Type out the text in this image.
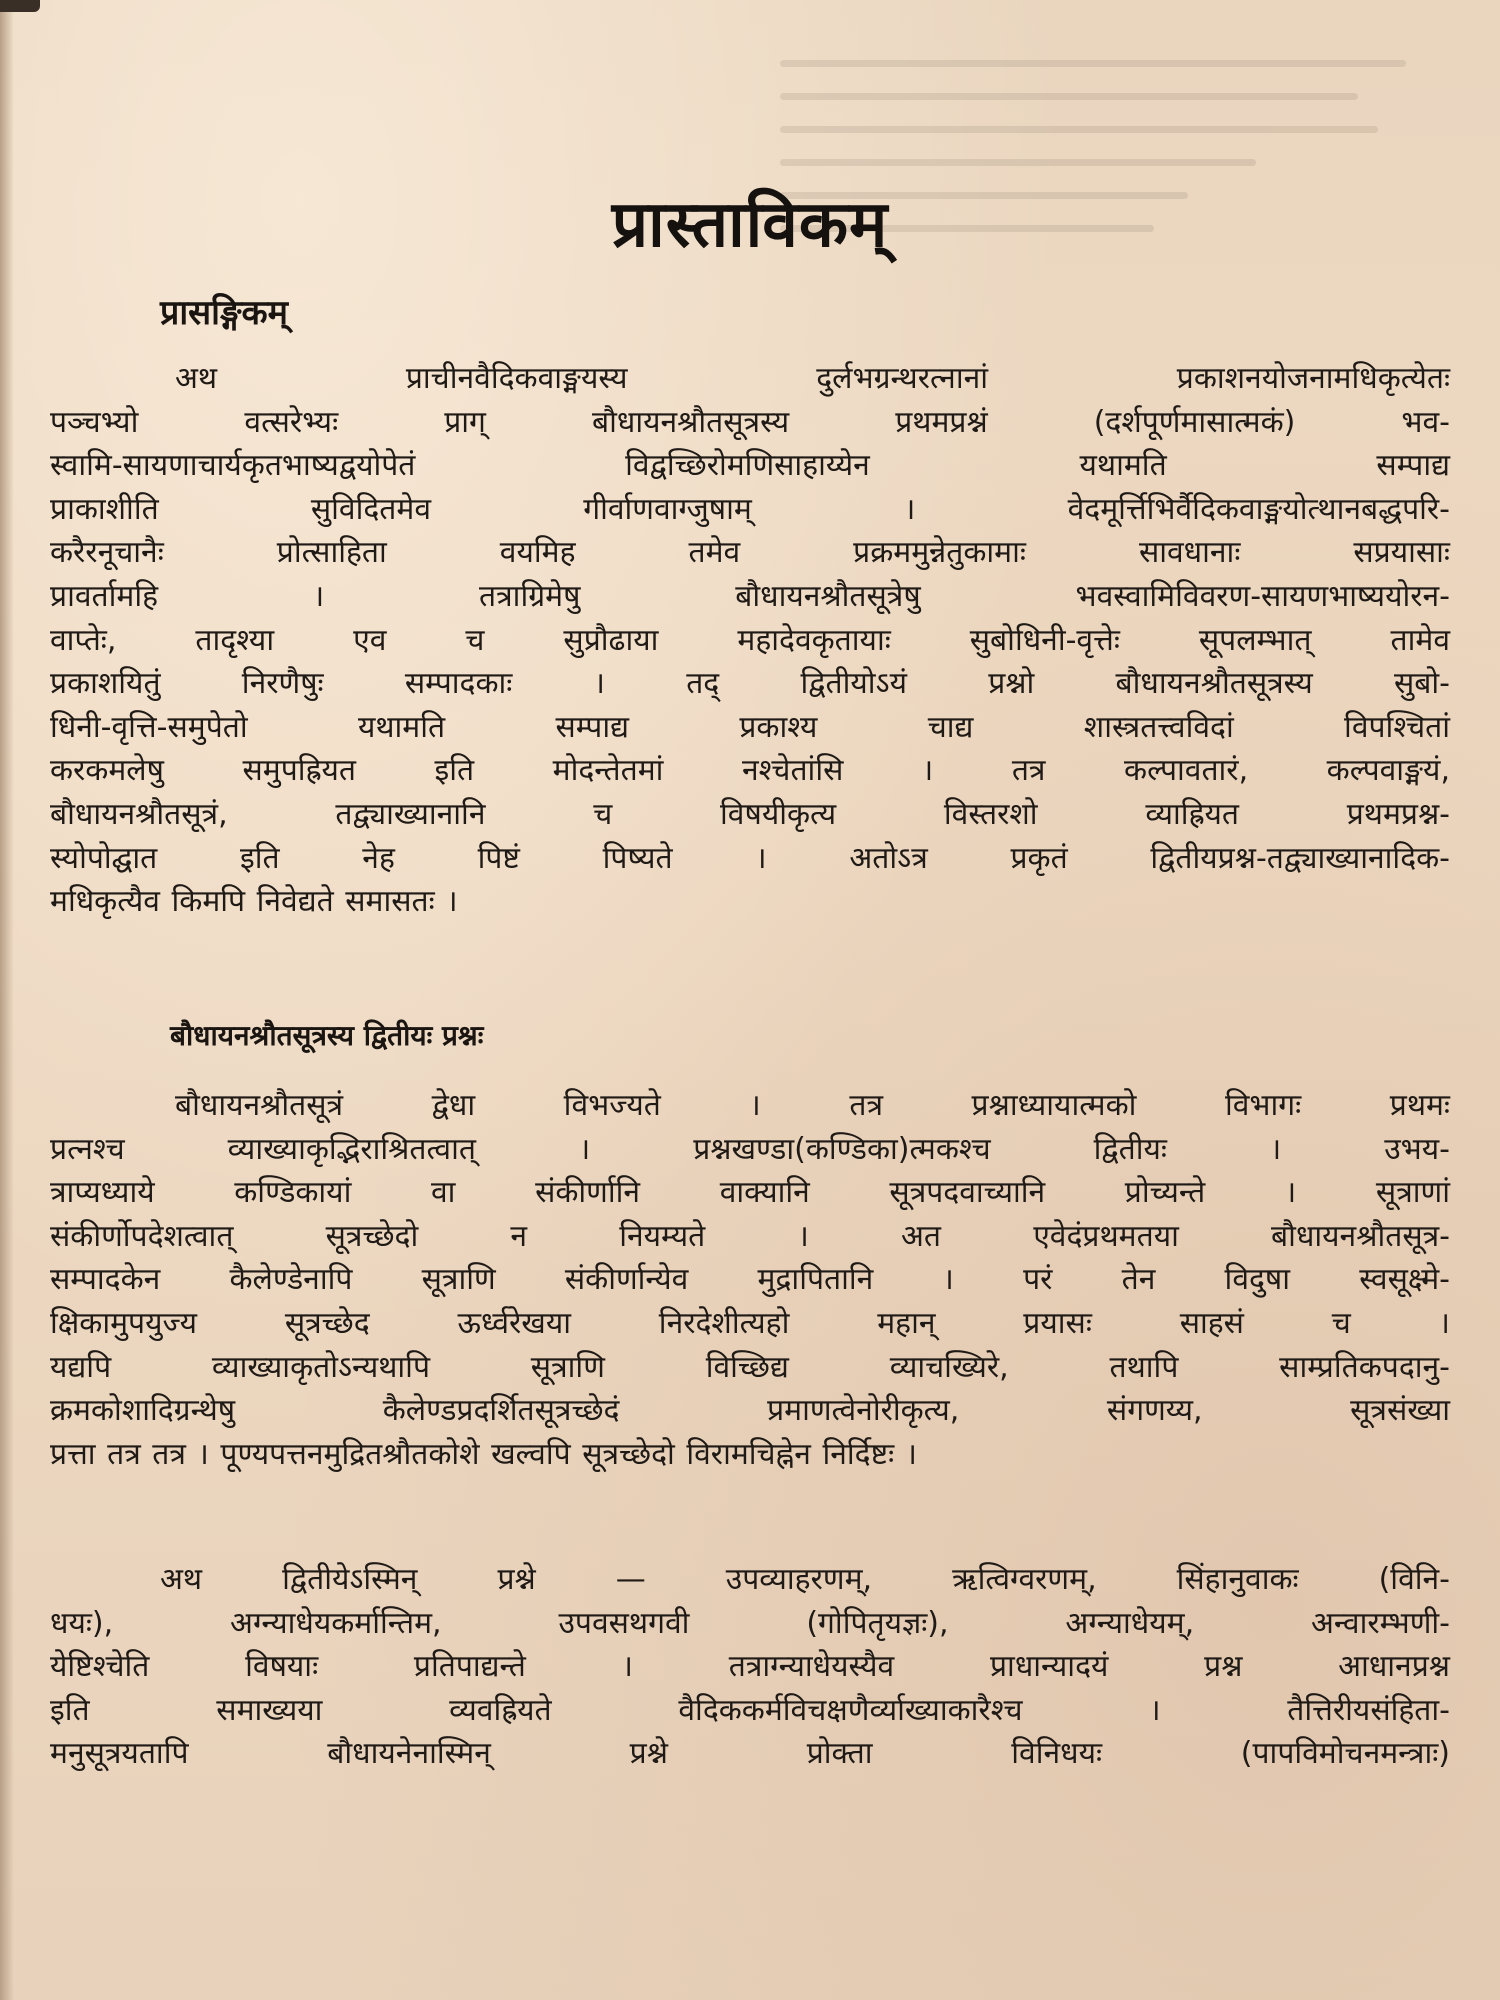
प्रास्ताविकम्
प्रासङ्गिकम्
अथ प्राचीनवैदिकवाङ्मयस्य दुर्लभग्रन्थरत्नानां प्रकाशनयोजनामधिकृत्येतः
पञ्चभ्यो वत्सरेभ्यः प्राग् बौधायनश्रौतसूत्रस्य प्रथमप्रश्नं (दर्शपूर्णमासात्मकं) भव-
स्वामि-सायणाचार्यकृतभाष्यद्वयोपेतं विद्वच्छिरोमणिसाहाय्येन यथामति सम्पाद्य
प्राकाशीति सुविदितमेव गीर्वाणवाग्जुषाम् । वेदमूर्त्तिभिर्वैदिकवाङ्मयोत्थानबद्धपरि-
करैरनूचानैः प्रोत्साहिता वयमिह तमेव प्रक्रममुन्नेतुकामाः सावधानाः सप्रयासाः
प्रावर्तामहि । तत्राग्रिमेषु बौधायनश्रौतसूत्रेषु भवस्वामिविवरण-सायणभाष्ययोरन-
वाप्तेः, तादृश्या एव च सुप्रौढाया महादेवकृतायाः सुबोधिनी-वृत्तेः सूपलम्भात् तामेव
प्रकाशयितुं निरणैषुः सम्पादकाः । तद् द्वितीयोऽयं प्रश्नो बौधायनश्रौतसूत्रस्य सुबो-
धिनी-वृत्ति-समुपेतो यथामति सम्पाद्य प्रकाश्य चाद्य शास्त्रतत्त्वविदां विपश्चितां
करकमलेषु समुपह्रियत इति मोदन्तेतमां नश्चेतांसि । तत्र कल्पावतारं, कल्पवाङ्मयं,
बौधायनश्रौतसूत्रं, तद्व्याख्यानानि च विषयीकृत्य विस्तरशो व्याह्रियत प्रथमप्रश्न-
स्योपोद्घात इति नेह पिष्टं पिष्यते । अतोऽत्र प्रकृतं द्वितीयप्रश्न-तद्व्याख्यानादिक-
मधिकृत्यैव किमपि निवेद्यते समासतः ।
बौधायनश्रौतसूत्रस्य द्वितीयः प्रश्नः
बौधायनश्रौतसूत्रं द्वेधा विभज्यते । तत्र प्रश्नाध्यायात्मको विभागः प्रथमः
प्रत्नश्च व्याख्याकृद्भिराश्रितत्वात् । प्रश्नखण्डा(कण्डिका)त्मकश्च द्वितीयः । उभय-
त्राप्यध्याये कण्डिकायां वा संकीर्णानि वाक्यानि सूत्रपदवाच्यानि प्रोच्यन्ते । सूत्राणां
संकीर्णोपदेशत्वात् सूत्रच्छेदो न नियम्यते । अत एवेदंप्रथमतया बौधायनश्रौतसूत्र-
सम्पादकेन कैलेण्डेनापि सूत्राणि संकीर्णान्येव मुद्रापितानि । परं तेन विदुषा स्वसूक्ष्मे-
क्षिकामुपयुज्य सूत्रच्छेद ऊर्ध्वरेखया निरदेशीत्यहो महान् प्रयासः साहसं च ।
यद्यपि व्याख्याकृतोऽन्यथापि सूत्राणि विच्छिद्य व्याचख्यिरे, तथापि साम्प्रतिकपदानु-
क्रमकोशादिग्रन्थेषु कैलेण्डप्रदर्शितसूत्रच्छेदं प्रमाणत्वेनोरीकृत्य, संगणय्य, सूत्रसंख्या
प्रत्ता तत्र तत्र । पूण्यपत्तनमुद्रितश्रौतकोशे खल्वपि सूत्रच्छेदो विरामचिह्नेन निर्दिष्टः ।
अथ द्वितीयेऽस्मिन् प्रश्ने — उपव्याहरणम्, ऋत्विग्वरणम्, सिंहानुवाकः (विनि-
धयः), अग्न्याधेयकर्मान्तिम, उपवसथगवी (गोपितृयज्ञः), अग्न्याधेयम्, अन्वारम्भणी-
येष्टिश्चेति विषयाः प्रतिपाद्यन्ते । तत्राग्न्याधेयस्यैव प्राधान्यादयं प्रश्न आधानप्रश्न
इति समाख्यया व्यवह्रियते वैदिककर्मविचक्षणैर्व्याख्याकारैश्च । तैत्तिरीयसंहिता-
मनुसूत्रयतापि बौधायनेनास्मिन् प्रश्ने प्रोक्ता विनिधयः (पापविमोचनमन्त्राः)
